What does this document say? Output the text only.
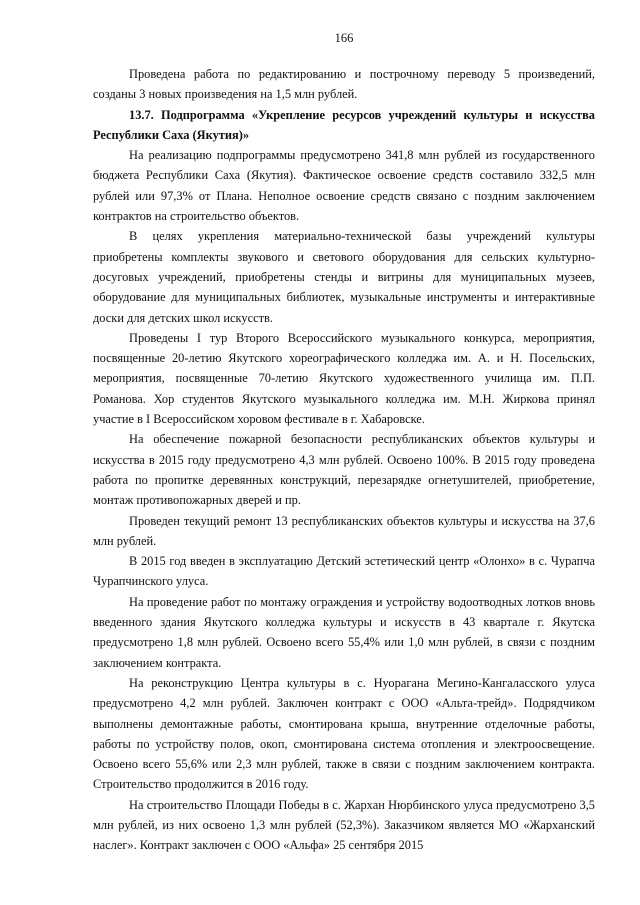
166

Проведена работа по редактированию и построчному переводу 5 произведений, созданы 3 новых произведения на 1,5 млн рублей.

13.7. Подпрограмма «Укрепление ресурсов учреждений культуры и искусства Республики Саха (Якутия)»

На реализацию подпрограммы предусмотрено 341,8 млн рублей из государственного бюджета Республики Саха (Якутия). Фактическое освоение средств составило 332,5 млн рублей или 97,3% от Плана. Неполное освоение средств связано с поздним заключением контрактов на строительство объектов.

В целях укрепления материально-технической базы учреждений культуры приобретены комплекты звукового и светового оборудования для сельских культурно-досуговых учреждений, приобретены стенды и витрины для муниципальных музеев, оборудование для муниципальных библиотек, музыкальные инструменты и интерактивные доски для детских школ искусств.

Проведены I тур Второго Всероссийского музыкального конкурса, мероприятия, посвященные 20-летию Якутского хореографического колледжа им. А. и Н. Посельских, мероприятия, посвященные 70-летию Якутского художественного училища им. П.П. Романова. Хор студентов Якутского музыкального колледжа им. М.Н. Жиркова принял участие в I Всероссийском хоровом фестивале в г. Хабаровске.

На обеспечение пожарной безопасности республиканских объектов культуры и искусства в 2015 году предусмотрено 4,3 млн рублей. Освоено 100%. В 2015 году проведена работа по пропитке деревянных конструкций, перезарядке огнетушителей, приобретение, монтаж противопожарных дверей и пр.

Проведен текущий ремонт 13 республиканских объектов культуры и искусства на 37,6 млн рублей.

В 2015 год введен в эксплуатацию Детский эстетический центр «Олонхо» в с. Чурапча Чурапчинского улуса.

На проведение работ по монтажу ограждения и устройству водоотводных лотков вновь введенного здания Якутского колледжа культуры и искусств в 43 квартале г. Якутска предусмотрено 1,8 млн рублей. Освоено всего 55,4% или 1,0 млн рублей, в связи с поздним заключением контракта.

На реконструкцию Центра культуры в с. Нуорагана Мегино-Кангаласского улуса предусмотрено 4,2 млн рублей. Заключен контракт с ООО «Альта-трейд». Подрядчиком выполнены демонтажные работы, смонтирована крыша, внутренние отделочные работы, работы по устройству полов, окоп, смонтирована система отопления и электроосвещение. Освоено всего 55,6% или 2,3 млн рублей, также в связи с поздним заключением контракта. Строительство продолжится в 2016 году.

На строительство Площади Победы в с. Жархан Нюрбинского улуса предусмотрено 3,5 млн рублей, из них освоено 1,3 млн рублей (52,3%). Заказчиком является МО «Жарханский наслег». Контракт заключен с ООО «Альфа» 25 сентября 2015
